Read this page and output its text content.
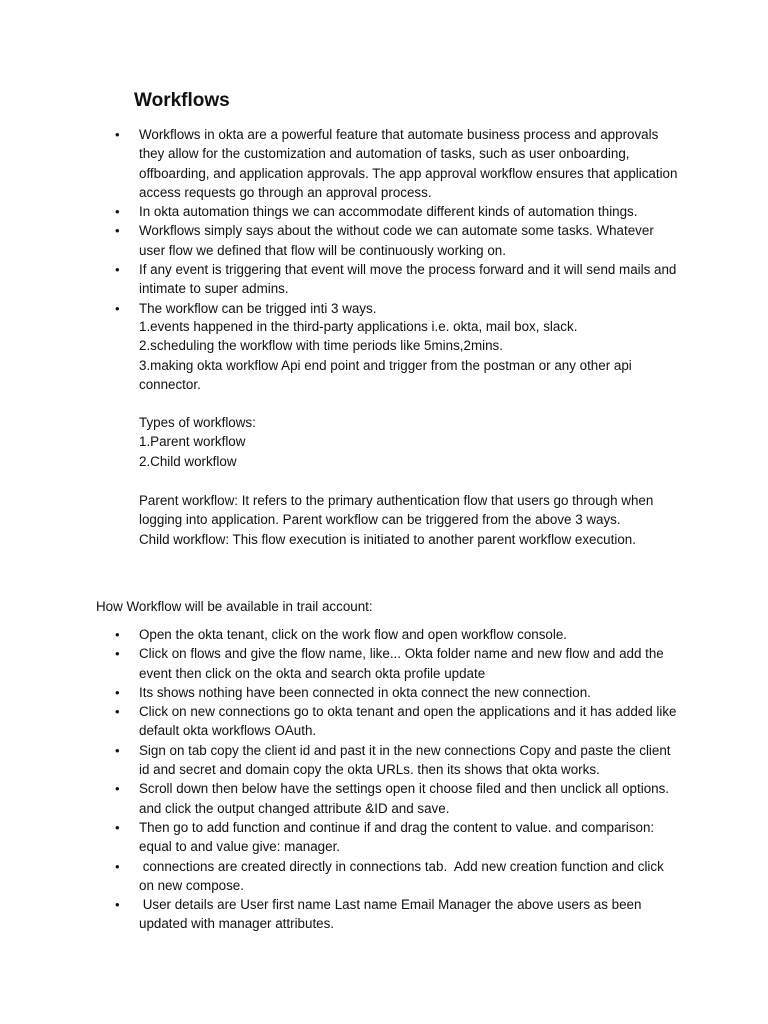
Workflows
• Workflows in okta are a powerful feature that automate business process and approvals they allow for the customization and automation of tasks, such as user onboarding, offboarding, and application approvals. The app approval workflow ensures that application access requests go through an approval process.
• In okta automation things we can accommodate different kinds of automation things.
• Workflows simply says about the without code we can automate some tasks. Whatever user flow we defined that flow will be continuously working on.
• If any event is triggering that event will move the process forward and it will send mails and intimate to super admins.
• The workflow can be trigged inti 3 ways.

1.events happened in the third-party applications i.e. okta, mail box, slack.

2.scheduling the workflow with time periods like 5mins,2mins.

3.making okta workflow Api end point and trigger from the postman or any other api connector.

Types of workflows:

1.Parent workflow

2.Child workflow

Parent workflow: It refers to the primary authentication flow that users go through when logging into application. Parent workflow can be triggered from the above 3 ways.

Child workflow: This flow execution is initiated to another parent workflow execution.

How Workflow will be available in trail account:

• Open the okta tenant, click on the work flow and open workflow console.
• Click on flows and give the flow name, like... Okta folder name and new flow and add the event then click on the okta and search okta profile update
• Its shows nothing have been connected in okta connect the new connection.
• Click on new connections go to okta tenant and open the applications and it has added like default okta workflows OAuth.
• Sign on tab copy the client id and past it in the new connections Copy and paste the client id and secret and domain copy the okta URLs. then its shows that okta works.
• Scroll down then below have the settings open it choose filed and then unclick all options. and click the output changed attribute &ID and save.
• Then go to add function and continue if and drag the content to value. and comparison: equal to and value give: manager.
• connections are created directly in connections tab.  Add new creation function and click on new compose.
• User details are User first name Last name Email Manager the above users as been updated with manager attributes.
